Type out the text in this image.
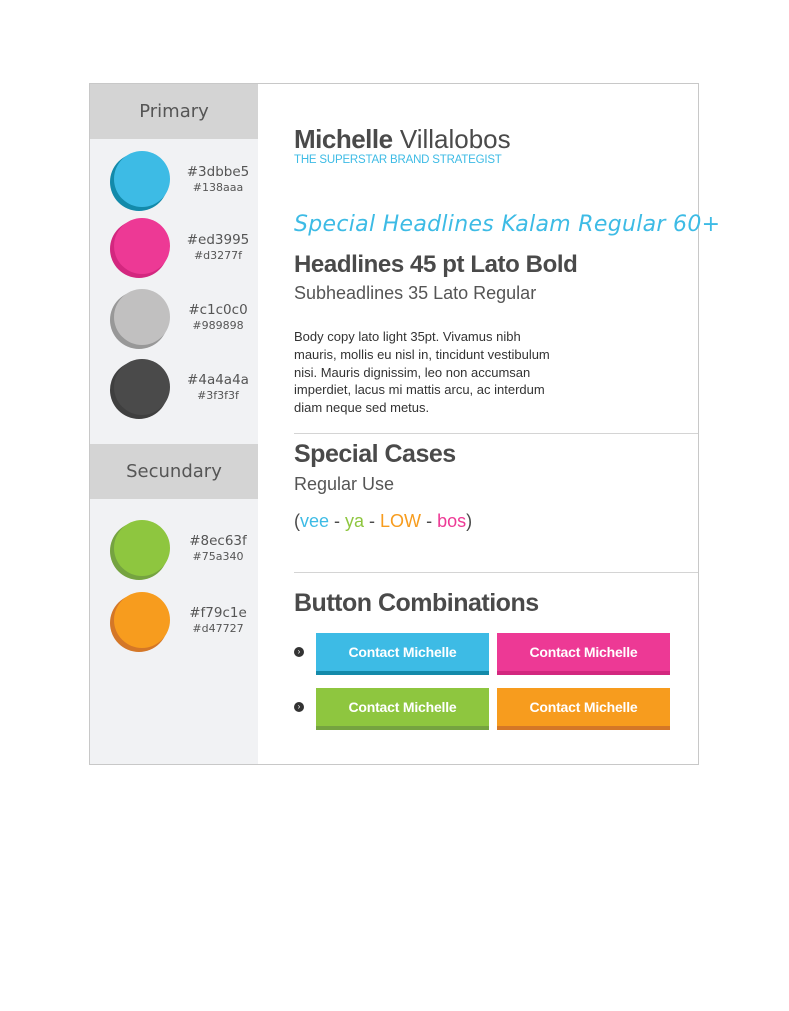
Primary
#3dbbe5
#138aaa
#ed3995
#d3277f
#c1c0c0
#989898
#4a4a4a
#3f3f3f
Secundary
#8ec63f
#75a340
#f79c1e
#d47727
Michelle Villalobos
THE SUPERSTAR BRAND STRATEGIST
Special Headlines Kalam Regular 60+
Headlines 45 pt Lato Bold
Subheadlines 35 Lato Regular
Body copy lato light 35pt. Vivamus nibh mauris, mollis eu nisl in, tincidunt vestibulum nisi. Mauris dignissim, leo non accumsan imperdiet, lacus mi mattis arcu, ac interdum diam neque sed metus.
Special Cases
Regular Use
(vee - ya - LOW - bos)
Button Combinations
›	Contact Michelle	Contact Michelle
›	Contact Michelle	Contact Michelle
